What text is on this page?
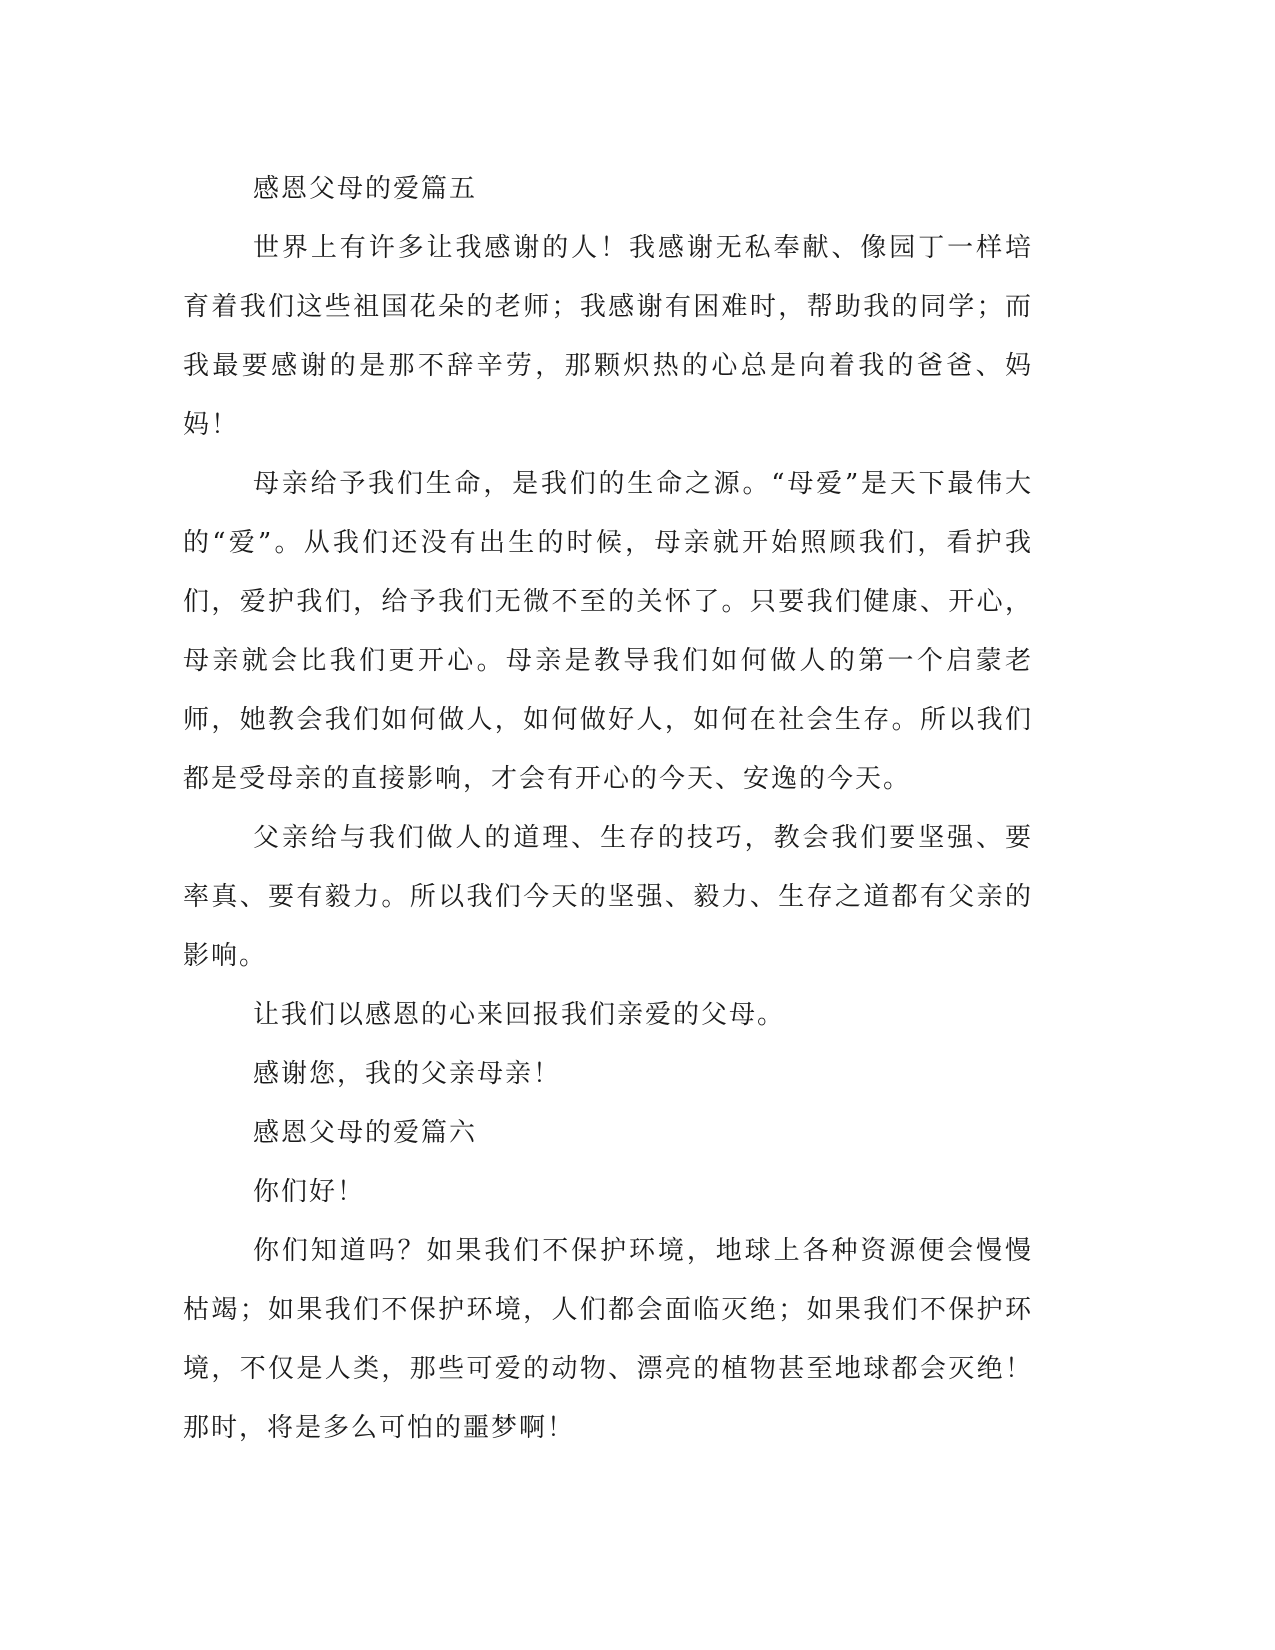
感恩父母的爱篇五

世界上有许多让我感谢的人！我感谢无私奉献、像园丁一样培育着我们这些祖国花朵的老师；我感谢有困难时，帮助我的同学；而我最要感谢的是那不辞辛劳，那颗炽热的心总是向着我的爸爸、妈妈！

母亲给予我们生命，是我们的生命之源。“母爱”是天下最伟大的“爱”。从我们还没有出生的时候，母亲就开始照顾我们，看护我们，爱护我们，给予我们无微不至的关怀了。只要我们健康、开心，母亲就会比我们更开心。母亲是教导我们如何做人的第一个启蒙老师，她教会我们如何做人，如何做好人，如何在社会生存。所以我们都是受母亲的直接影响，才会有开心的今天、安逸的今天。

父亲给与我们做人的道理、生存的技巧，教会我们要坚强、要率真、要有毅力。所以我们今天的坚强、毅力、生存之道都有父亲的影响。

让我们以感恩的心来回报我们亲爱的父母。

感谢您，我的父亲母亲！

感恩父母的爱篇六

你们好！

你们知道吗？如果我们不保护环境，地球上各种资源便会慢慢枯竭；如果我们不保护环境，人们都会面临灭绝；如果我们不保护环境，不仅是人类，那些可爱的动物、漂亮的植物甚至地球都会灭绝！那时，将是多么可怕的噩梦啊！
